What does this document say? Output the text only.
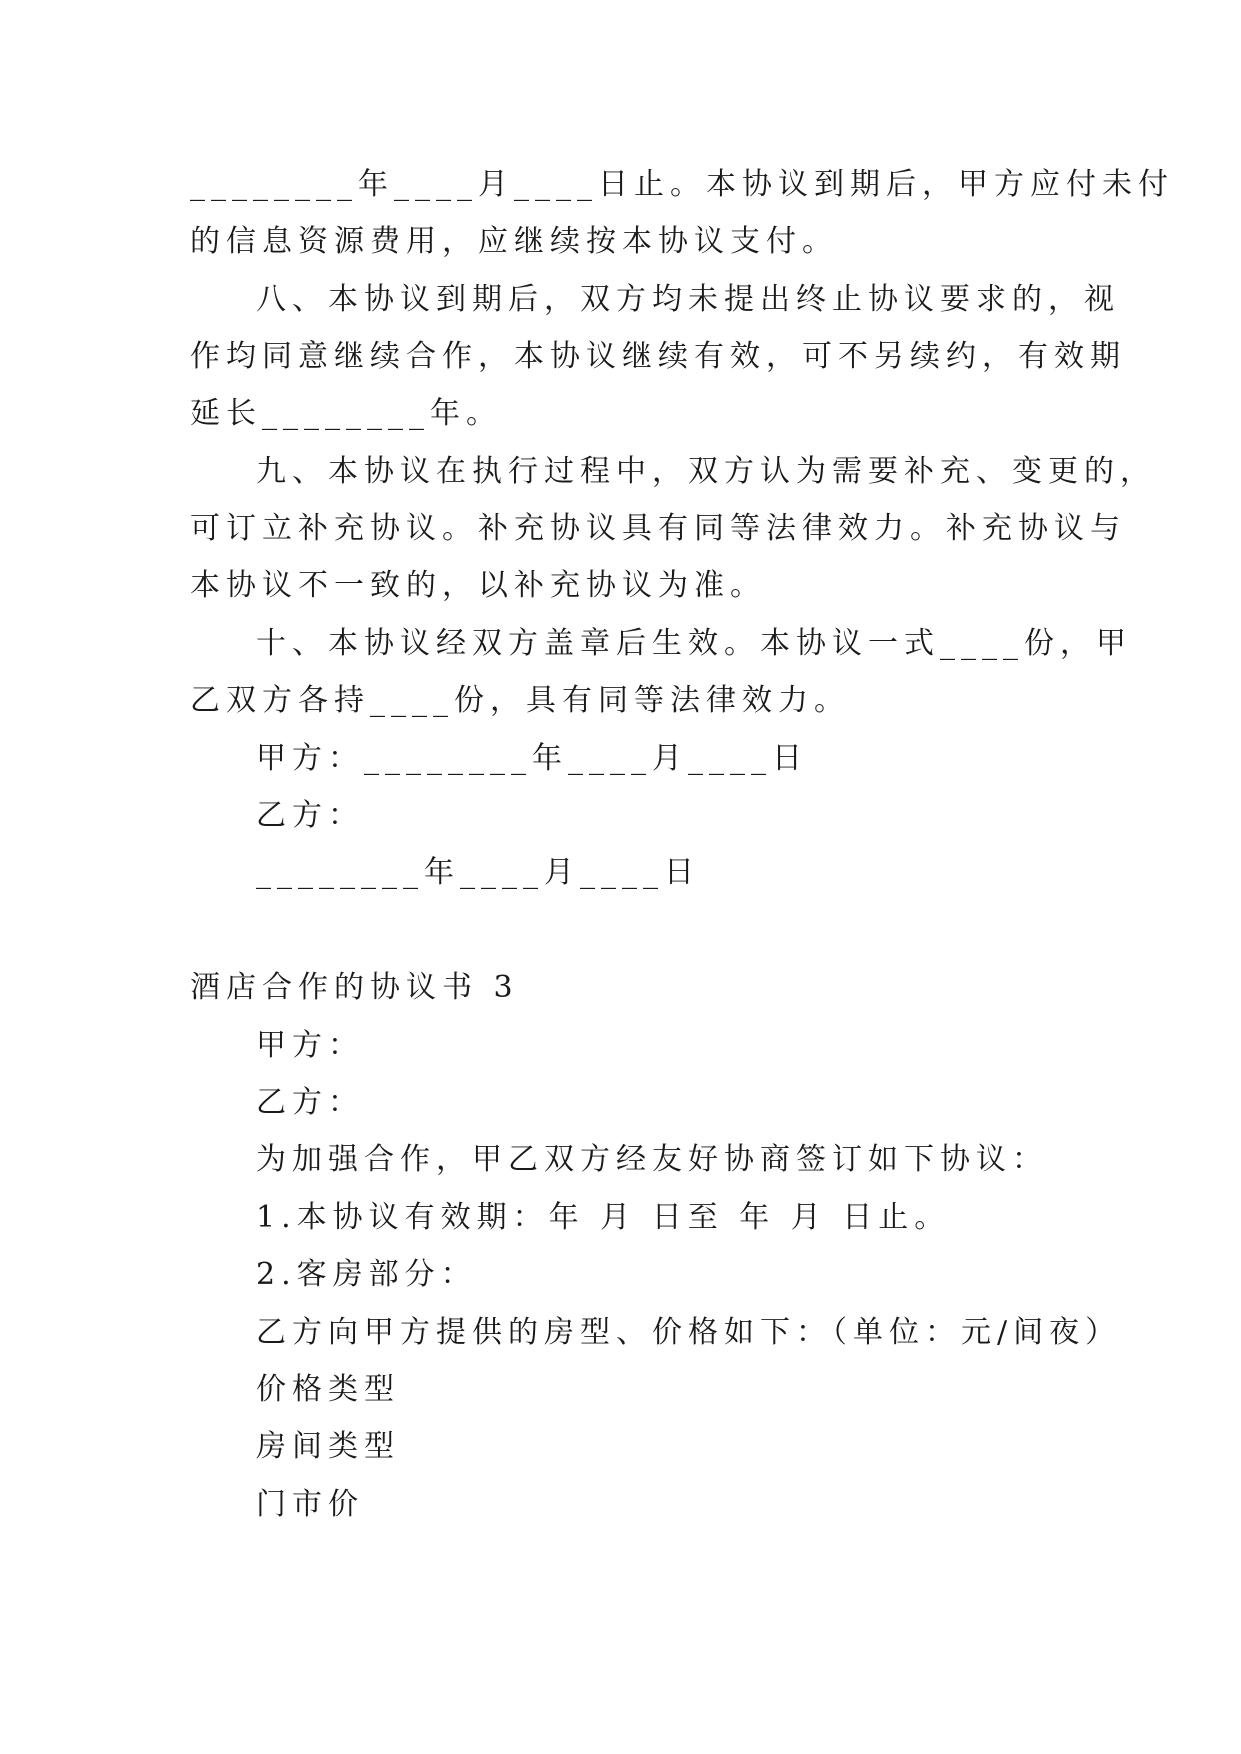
________年____月____日止。本协议到期后，甲方应付未付
的信息资源费用，应继续按本协议支付。
八、本协议到期后，双方均未提出终止协议要求的，视
作均同意继续合作，本协议继续有效，可不另续约，有效期
延长________年。
九、本协议在执行过程中，双方认为需要补充、变更的，
可订立补充协议。补充协议具有同等法律效力。补充协议与
本协议不一致的，以补充协议为准。
十、本协议经双方盖章后生效。本协议一式____份，甲
乙双方各持____份，具有同等法律效力。
甲方：________年____月____日
乙方：
________年____月____日
酒店合作的协议书 3
甲方：
乙方：
为加强合作，甲乙双方经友好协商签订如下协议：
1.本协议有效期：年 月 日至 年 月 日止。
2.客房部分：
乙方向甲方提供的房型、价格如下：（单位：元/间夜）
价格类型
房间类型
门市价
